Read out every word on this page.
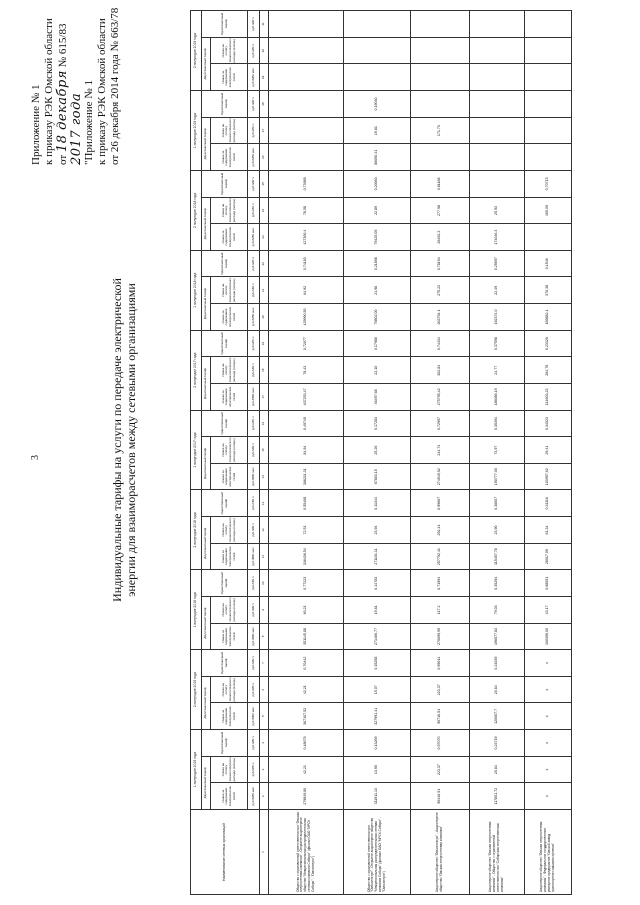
3
Приложение № 1 к приказу РЭК Омской области от 18 декабря № 615/83
2017 года "Приложение № 1 к приказу РЭК Омской области от 26 декабря 2014 года № 663/78
Индивидуальные тарифы на услуги по передаче электрической энергии для взаиморасчетов между сетевыми организациями
Наименование сетевых организаций	1 полугодие 2015 года			2 полугодие 2015 года			1 полугодие 2016 года			2 полугодие 2016 года			1 полугодие 2017 года			2 полугодие 2017 года			1 полугодие 2018 года			2 полугодие 2018 года			1 полугодие 2019 года			2 полугодие 2019 года		
	Двухставочный тариф		Одноставочный тариф	Двухставочный тариф		Одноставочный тариф	Двухставочный тариф		Одноставочный тариф	Двухставочный тариф		Одноставочный тариф	Двухставочный тариф		Одноставочный тариф	Двухставочный тариф		Одноставочный тариф	Двухставочный тариф		Одноставочный тариф	Двухставочный тариф		Одноставочный тариф	Двухставочный тариф		Одноставочный тариф	Двухставочный тариф		Одноставочный тариф
	ставка за содержание электрических сетей	ставка на оплату технологического расхода (потерь)		ставка за содержание электрических сетей	ставка на оплату технологического расхода (потерь)		ставка за содержание электрических сетей	ставка на оплату технологического расхода (потерь)		ставка за содержание электрических сетей	ставка на оплату технологического расхода (потерь)		ставка за содержание электрических сетей	ставка на оплату технологического расхода (потерь)		ставка за содержание электрических сетей	ставка на оплату технологического расхода (потерь)		ставка за содержание электрических сетей	ставка на оплату технологического расхода (потерь)		ставка за содержание электрических сетей	ставка на оплату технологического расхода (потерь)		ставка за содержание электрических сетей	ставка на оплату технологического расхода (потерь)		ставка за содержание электрических сетей	ставка на оплату технологического расхода (потерь)	
	руб./МВт·мес	руб./кВт·ч	руб./кВт·ч	руб./МВт·мес	руб./кВт·ч	руб./кВт·ч	руб./МВт·мес	руб./кВт·ч	руб./кВт·ч	руб./МВт·мес	руб./кВт·ч	руб./кВт·ч	руб./МВт·мес	руб./кВт·ч	руб./кВт·ч	руб./МВт·мес	руб./кВт·ч	руб./кВт·ч	руб./МВт·мес	руб./кВт·ч	руб./кВт·ч	руб./МВт·мес	руб./кВт·ч	руб./кВт·ч	руб./МВт·мес	руб./кВт·ч	руб./кВт·ч	руб./МВт·мес	руб./кВт·ч	руб./кВт·ч
1	2	3	4	5	6	7	8	9	10	11	12	13	14	15	16	17	18	19	20	21	22	23	24	25	26	27	28	29	30	31
Общество с ограниченной ответственностью "Омская энергосетевая компания" - Открытое акционерное общество "Межрегиональная распределительная сетевая компания Сибири" (филиал ОАО "МРСК Сибири" - "Омскэнерго")	279849,80	42,21	0,48679	367107,52	42,21	0,70442	351145,88	60,21	0,77223	336436,54	72,51	0,55408	386211,31	84,94	0,49749	407253,47	78,43	0,72077	429990,50	64,92	0,74183	427300,4	78,58	0,73989						
Общество с ограниченной ответственностью "Омскэлектро" - Открытое акционерное общество "Межрегиональная распределительная сетевая компания Сибири" (филиал ОАО "МРСК Сибири" - "Омскэнерго")	311911,13	13,90	0,13269	327991,41	15,07	0,15258	271466,77	19,81	0,14783	271101,11	23,94	0,11344	67803,15	25,26	0,17283	46497,68	22,10	0,17986	79802,00	21,98	0,21898	79425,05	22,89	0,20063	86050,41	19,81	0,19030			
Акционерное общество "Омскэлектро" - Акционерное общество "Омская энергосетевая компания"	90446,51	223,37	0,97070	90716,51	223,37	0,99014	270099,99	117,2	0,71994	257792,41	292,41	0,99667	274549,92	244,74	0,72997	275795,42	302,84	0,74434	263794,1	275,22	0,78194	26492,3	277,98	0,81168		171,73				
Акционерное общество "Омская энергосетевая компания" - Общество с ограниченной ответственностью "Сибирская энергетическая компания"	117801,72	20,84	0,23719	120007,7	20,84	0,24039	196077,83	79,03	0,35294	115457,78	23,90	0,38007	190777,00	73,97	0,35394	186086,19	24,77	0,37598	192374,0	22,49	0,25697	174046,3	25,93							
Акционерное общество "Омская энергосетевая компания" - Федеральное государственное унитарное предприятие "Омский завод транспортного машиностроения"	x	x	x	x	x	x	100396,00	43,17	0,68051	28017,09	61,34	0,31116	103957,62	29,41	0,34023	114603,23	264,78	0,23326	189882,1	370,38	0,1546		165,09	0,70715						
